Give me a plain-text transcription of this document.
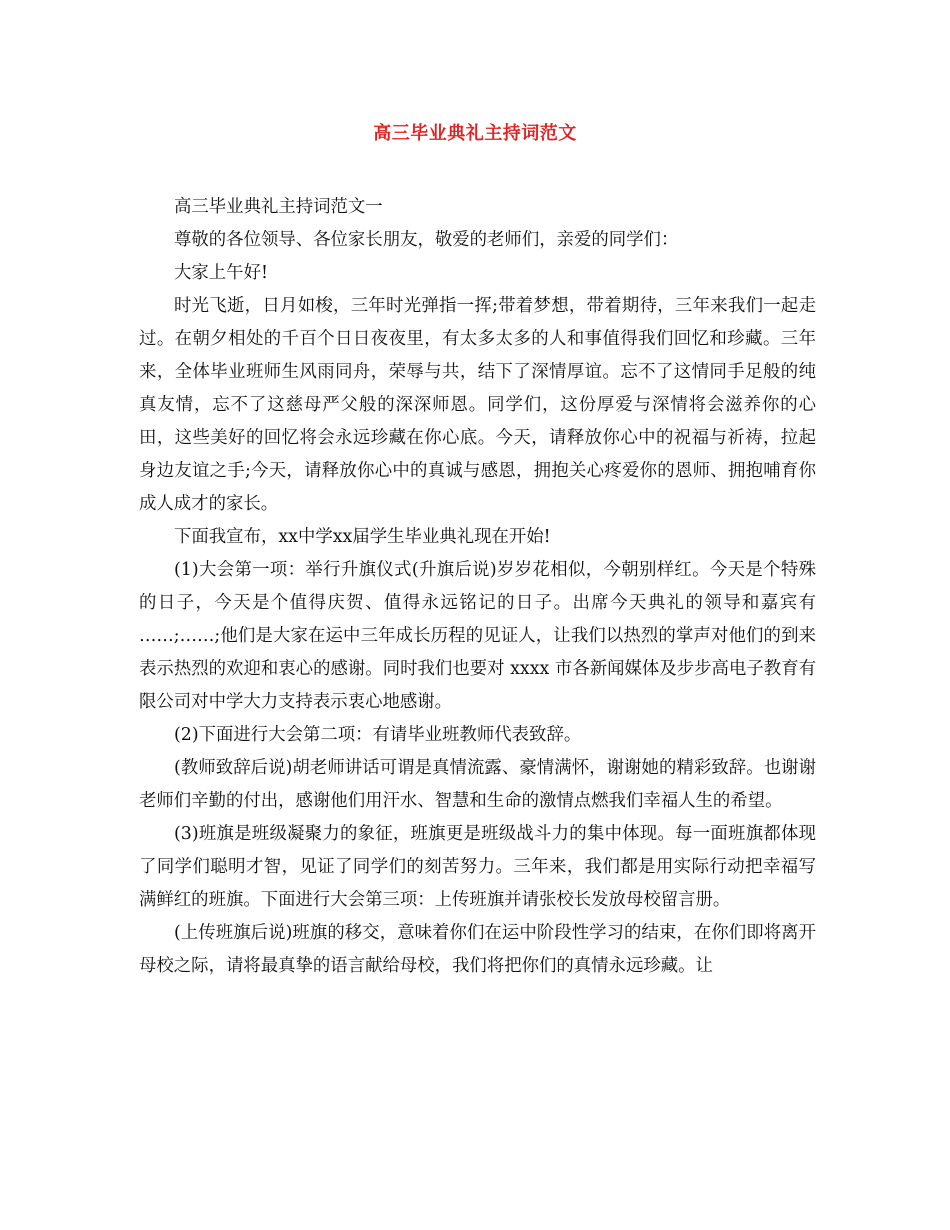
高三毕业典礼主持词范文

高三毕业典礼主持词范文一

尊敬的各位领导、各位家长朋友，敬爱的老师们，亲爱的同学们：

大家上午好!

时光飞逝，日月如梭，三年时光弹指一挥;带着梦想，带着期待，三年来我们一起走过。在朝夕相处的千百个日日夜夜里，有太多太多的人和事值得我们回忆和珍藏。三年来，全体毕业班师生风雨同舟，荣辱与共，结下了深情厚谊。忘不了这情同手足般的纯真友情，忘不了这慈母严父般的深深师恩。同学们，这份厚爱与深情将会滋养你的心田，这些美好的回忆将会永远珍藏在你心底。今天，请释放你心中的祝福与祈祷，拉起身边友谊之手;今天，请释放你心中的真诚与感恩，拥抱关心疼爱你的恩师、拥抱哺育你成人成才的家长。

下面我宣布，xx中学xx届学生毕业典礼现在开始!

(1)大会第一项：举行升旗仪式(升旗后说)岁岁花相似，今朝别样红。今天是个特殊的日子，今天是个值得庆贺、值得永远铭记的日子。出席今天典礼的领导和嘉宾有 ……;……;他们是大家在运中三年成长历程的见证人，让我们以热烈的掌声对他们的到来表示热烈的欢迎和衷心的感谢。同时我们也要对 xxxx 市各新闻媒体及步步高电子教育有限公司对中学大力支持表示衷心地感谢。

(2)下面进行大会第二项：有请毕业班教师代表致辞。

(教师致辞后说)胡老师讲话可谓是真情流露、豪情满怀，谢谢她的精彩致辞。也谢谢老师们辛勤的付出，感谢他们用汗水、智慧和生命的激情点燃我们幸福人生的希望。

(3)班旗是班级凝聚力的象征，班旗更是班级战斗力的集中体现。每一面班旗都体现了同学们聪明才智，见证了同学们的刻苦努力。三年来，我们都是用实际行动把幸福写满鲜红的班旗。下面进行大会第三项：上传班旗并请张校长发放母校留言册。

(上传班旗后说)班旗的移交，意味着你们在运中阶段性学习的结束，在你们即将离开母校之际，请将最真挚的语言献给母校，我们将把你们的真情永远珍藏。让
